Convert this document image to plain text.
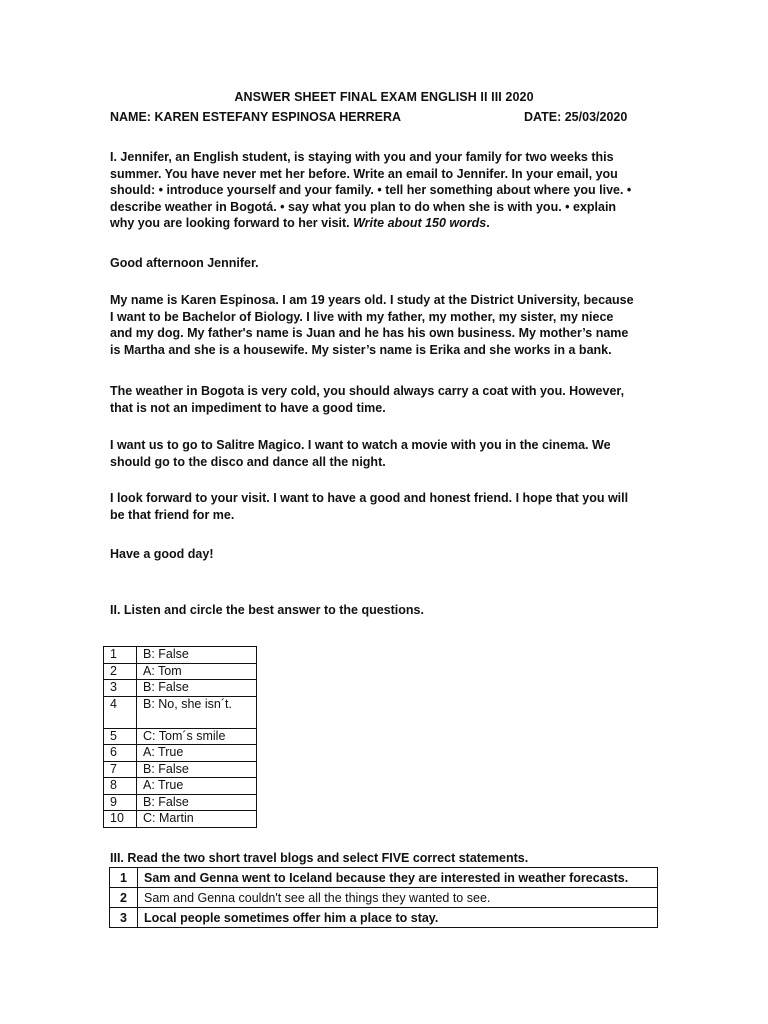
ANSWER SHEET FINAL EXAM ENGLISH II III 2020
NAME: KAREN ESTEFANY ESPINOSA HERRERA	DATE: 25/03/2020
I. Jennifer, an English student, is staying with you and your family for two weeks this summer. You have never met her before. Write an email to Jennifer. In your email, you should: • introduce yourself and your family. • tell her something about where you live. • describe weather in Bogotá. • say what you plan to do when she is with you. • explain why you are looking forward to her visit. Write about 150 words.
Good afternoon Jennifer.
My name is Karen Espinosa. I am 19 years old. I study at the District University, because I want to be Bachelor of Biology. I live with my father, my mother, my sister, my niece and my dog. My father's name is Juan and he has his own business. My mother’s name is Martha and she is a housewife. My sister’s name is Erika and she works in a bank.
The weather in Bogota is very cold, you should always carry a coat with you. However, that is not an impediment to have a good time.
I want us to go to Salitre Magico. I want to watch a movie with you in the cinema. We should go to the disco and dance all the night.
I look forward to your visit. I want to have a good and honest friend. I hope that you will be that friend for me.
Have a good day!
II. Listen and circle the best answer to the questions.
1	B: False
2	A: Tom
3	B: False
4	B: No, she isn´t.
5	C: Tom´s smile
6	A: True
7	B: False
8	A: True
9	B: False
10	C: Martin
III. Read the two short travel blogs and select FIVE correct statements.
1	Sam and Genna went to Iceland because they are interested in weather forecasts.
2	Sam and Genna couldn't see all the things they wanted to see.
3	Local people sometimes offer him a place to stay.
